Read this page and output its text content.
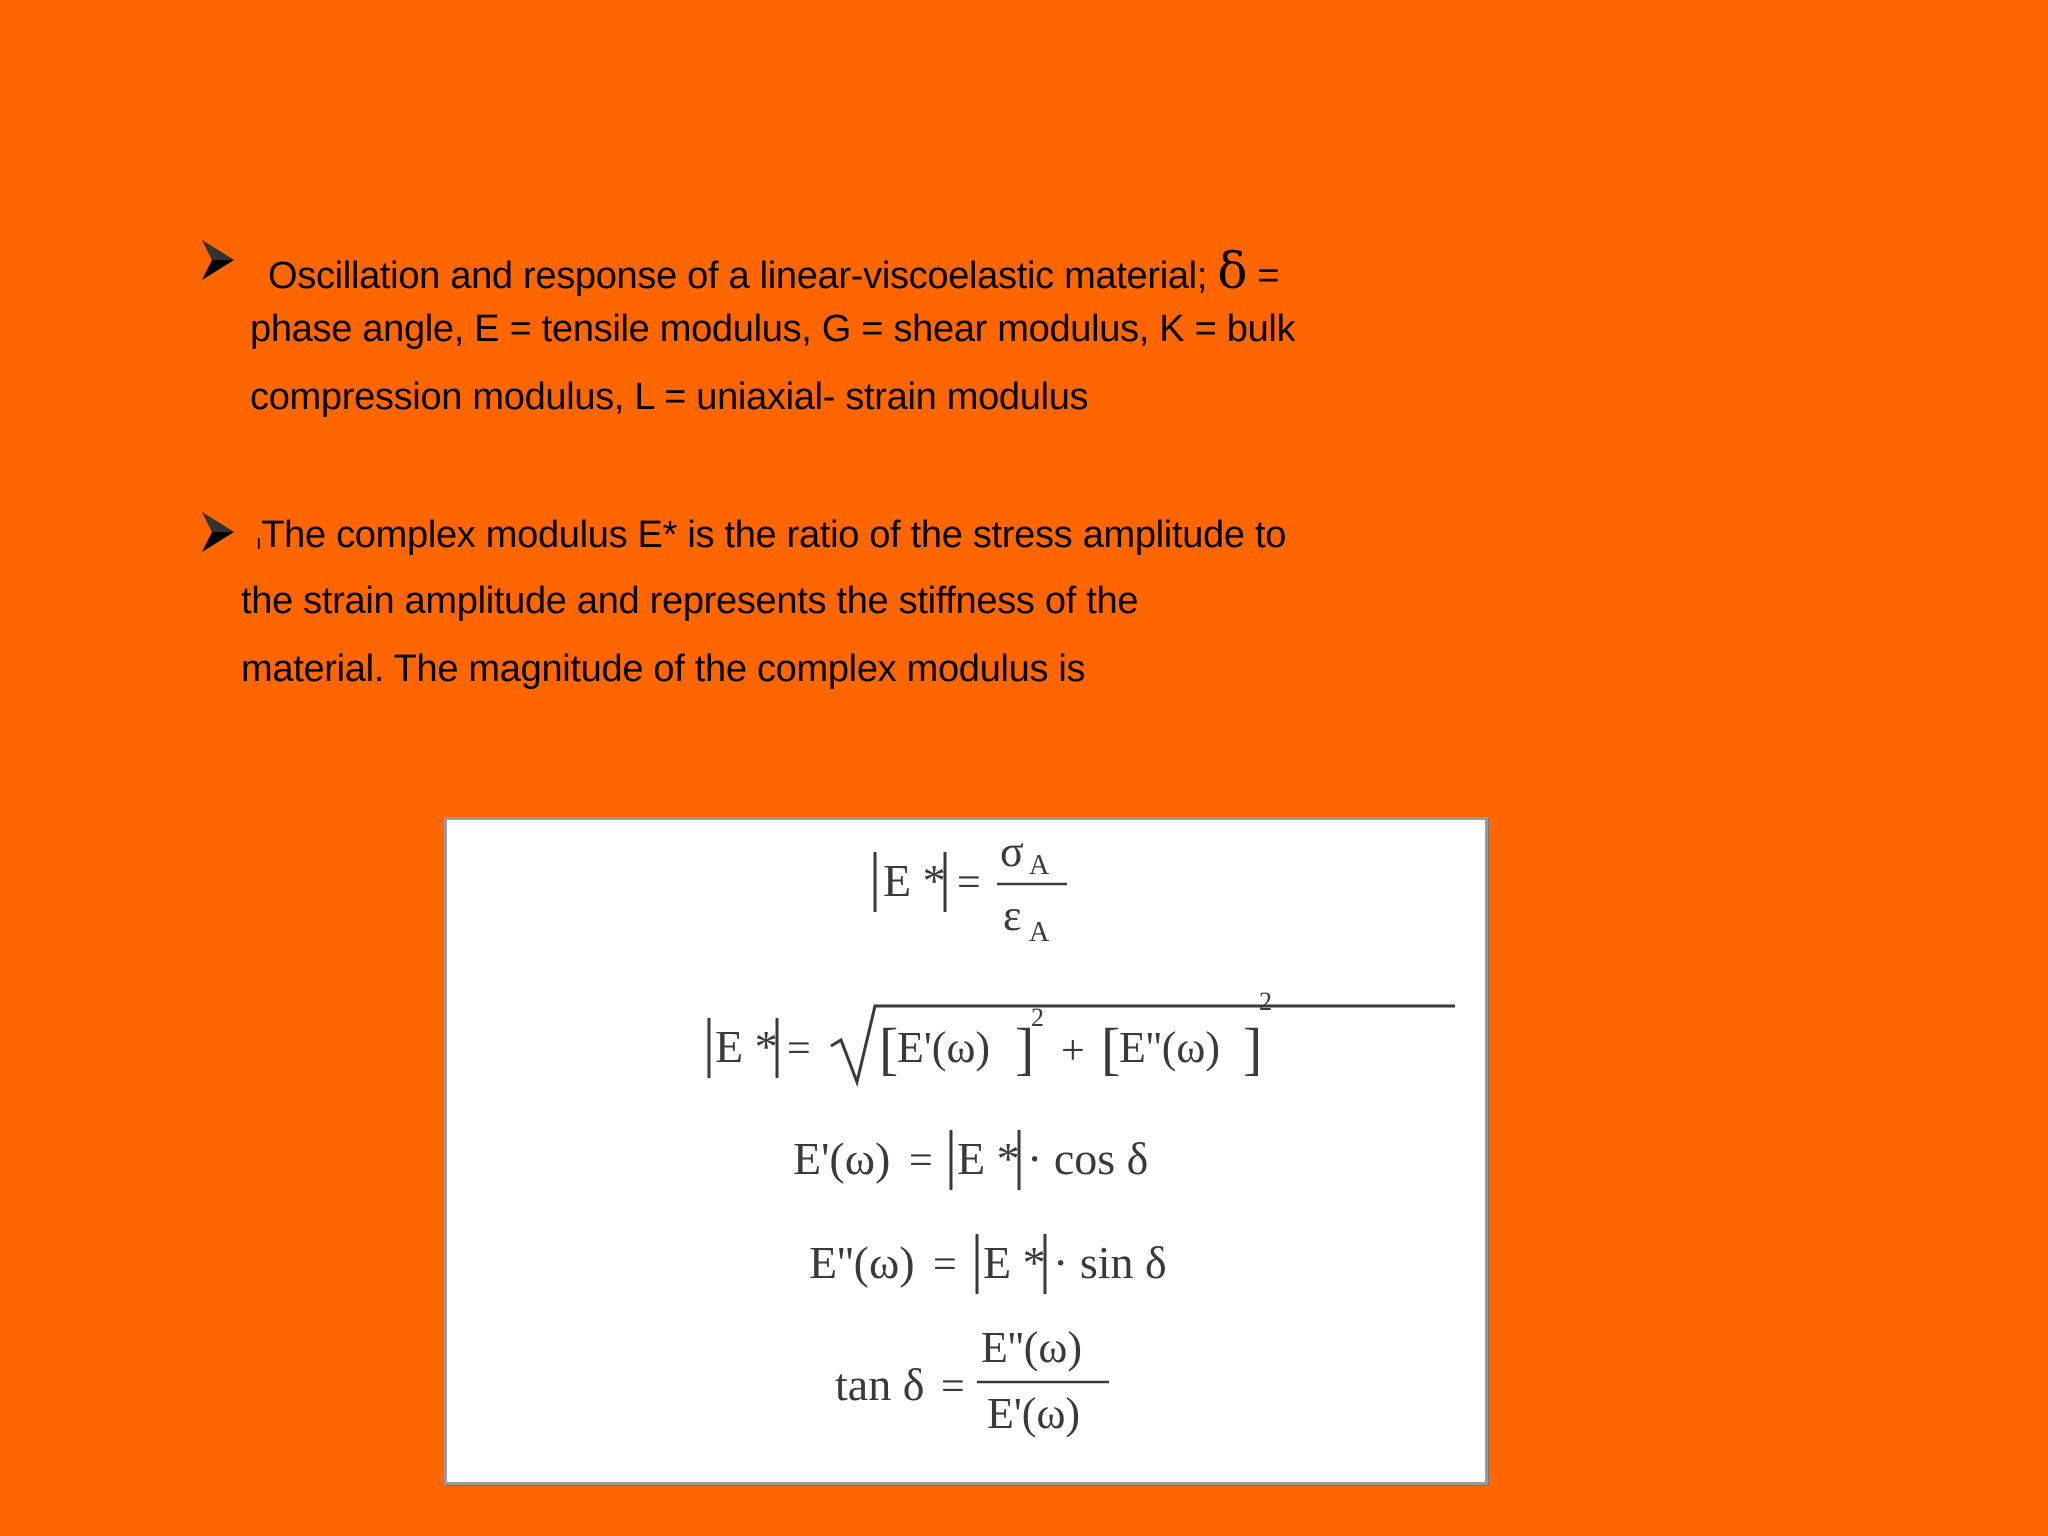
Oscillation and response of a linear-viscoelastic material; δ =
phase angle, E = tensile modulus, G = shear modulus, K = bulk
compression modulus, L = uniaxial- strain modulus
ıThe complex modulus E* is the ratio of the stress amplitude to
the strain amplitude and represents the stiffness of the
material. The magnitude of the complex modulus is
E * =
σ A
ε A
E * = [
E'(ω) ]
2
+ [
E''(ω) ]
2
E'(ω) = E * · cos δ
E''(ω) = E * · sin δ
tan δ =
E''(ω)
E'(ω)
